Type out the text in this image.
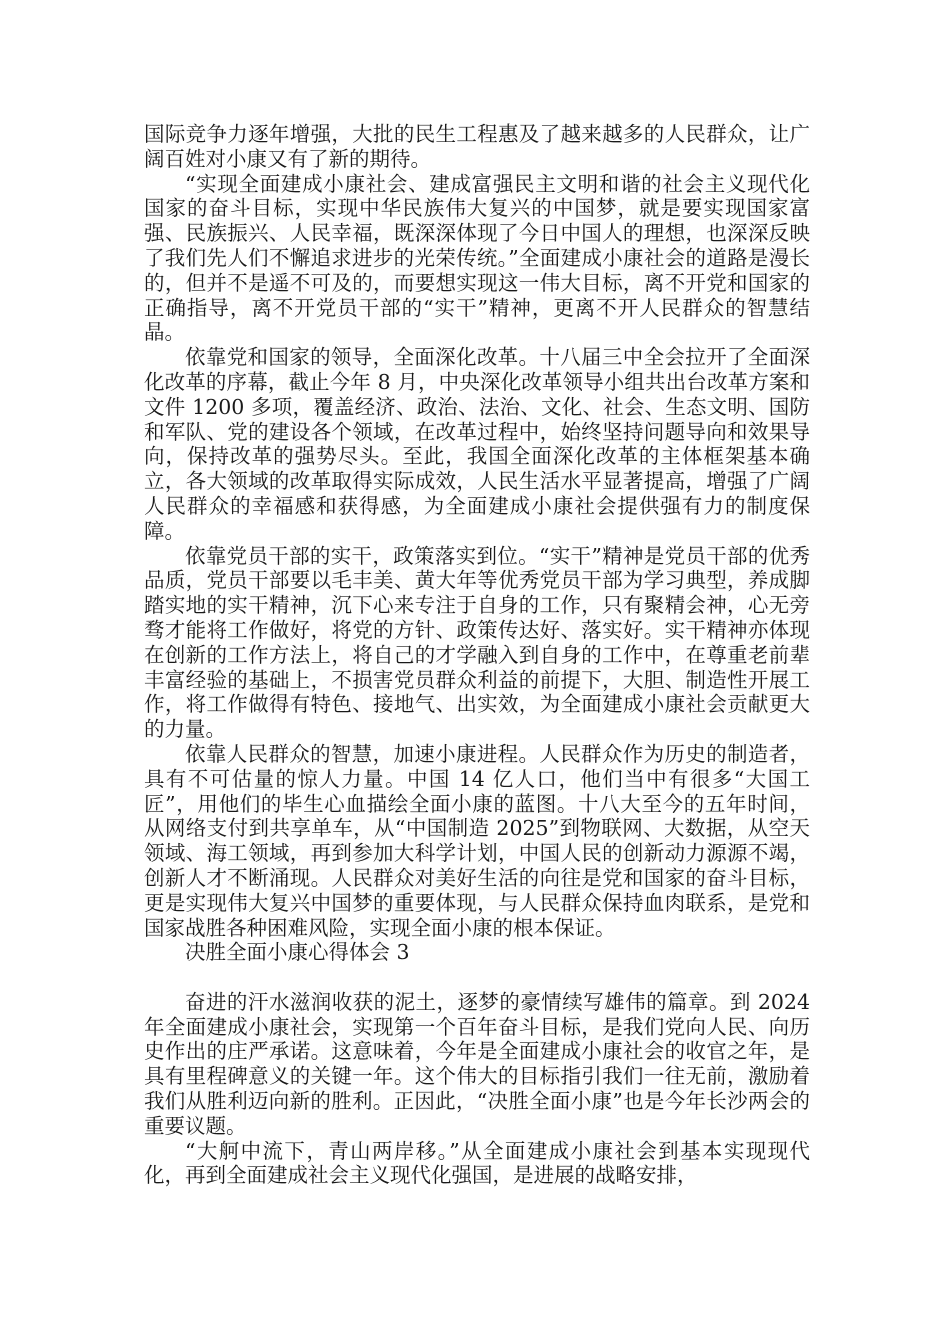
国际竞争力逐年增强，大批的民生工程惠及了越来越多的人民群众，让广阔百姓对小康又有了新的期待。

“实现全面建成小康社会、建成富强民主文明和谐的社会主义现代化国家的奋斗目标，实现中华民族伟大复兴的中国梦，就是要实现国家富强、民族振兴、人民幸福，既深深体现了今日中国人的理想，也深深反映了我们先人们不懈追求进步的光荣传统。”全面建成小康社会的道路是漫长的，但并不是遥不可及的，而要想实现这一伟大目标，离不开党和国家的正确指导，离不开党员干部的“实干”精神，更离不开人民群众的智慧结晶。

依靠党和国家的领导，全面深化改革。十八届三中全会拉开了全面深化改革的序幕，截止今年 8 月，中央深化改革领导小组共出台改革方案和文件 1200 多项，覆盖经济、政治、法治、文化、社会、生态文明、国防和军队、党的建设各个领域，在改革过程中，始终坚持问题导向和效果导向，保持改革的强势尽头。至此，我国全面深化改革的主体框架基本确立，各大领域的改革取得实际成效，人民生活水平显著提高，增强了广阔人民群众的幸福感和获得感，为全面建成小康社会提供强有力的制度保障。

依靠党员干部的实干，政策落实到位。“实干”精神是党员干部的优秀品质，党员干部要以毛丰美、黄大年等优秀党员干部为学习典型，养成脚踏实地的实干精神，沉下心来专注于自身的工作，只有聚精会神，心无旁骛才能将工作做好，将党的方针、政策传达好、落实好。实干精神亦体现在创新的工作方法上，将自己的才学融入到自身的工作中，在尊重老前辈丰富经验的基础上，不损害党员群众利益的前提下，大胆、制造性开展工作，将工作做得有特色、接地气、出实效，为全面建成小康社会贡献更大的力量。

依靠人民群众的智慧，加速小康进程。人民群众作为历史的制造者，具有不可估量的惊人力量。中国 14 亿人口，他们当中有很多“大国工匠”，用他们的毕生心血描绘全面小康的蓝图。十八大至今的五年时间，从网络支付到共享单车，从“中国制造 2025”到物联网、大数据，从空天领域、海工领域，再到参加大科学计划，中国人民的创新动力源源不竭，创新人才不断涌现。人民群众对美好生活的向往是党和国家的奋斗目标，更是实现伟大复兴中国梦的重要体现，与人民群众保持血肉联系，是党和国家战胜各种困难风险，实现全面小康的根本保证。

决胜全面小康心得体会 3

奋进的汗水滋润收获的泥土，逐梦的豪情续写雄伟的篇章。到 2024 年全面建成小康社会，实现第一个百年奋斗目标，是我们党向人民、向历史作出的庄严承诺。这意味着，今年是全面建成小康社会的收官之年，是具有里程碑意义的关键一年。这个伟大的目标指引我们一往无前，激励着我们从胜利迈向新的胜利。正因此，“决胜全面小康”也是今年长沙两会的重要议题。

“大舸中流下，青山两岸移。”从全面建成小康社会到基本实现现代化，再到全面建成社会主义现代化强国，是进展的战略安排，
